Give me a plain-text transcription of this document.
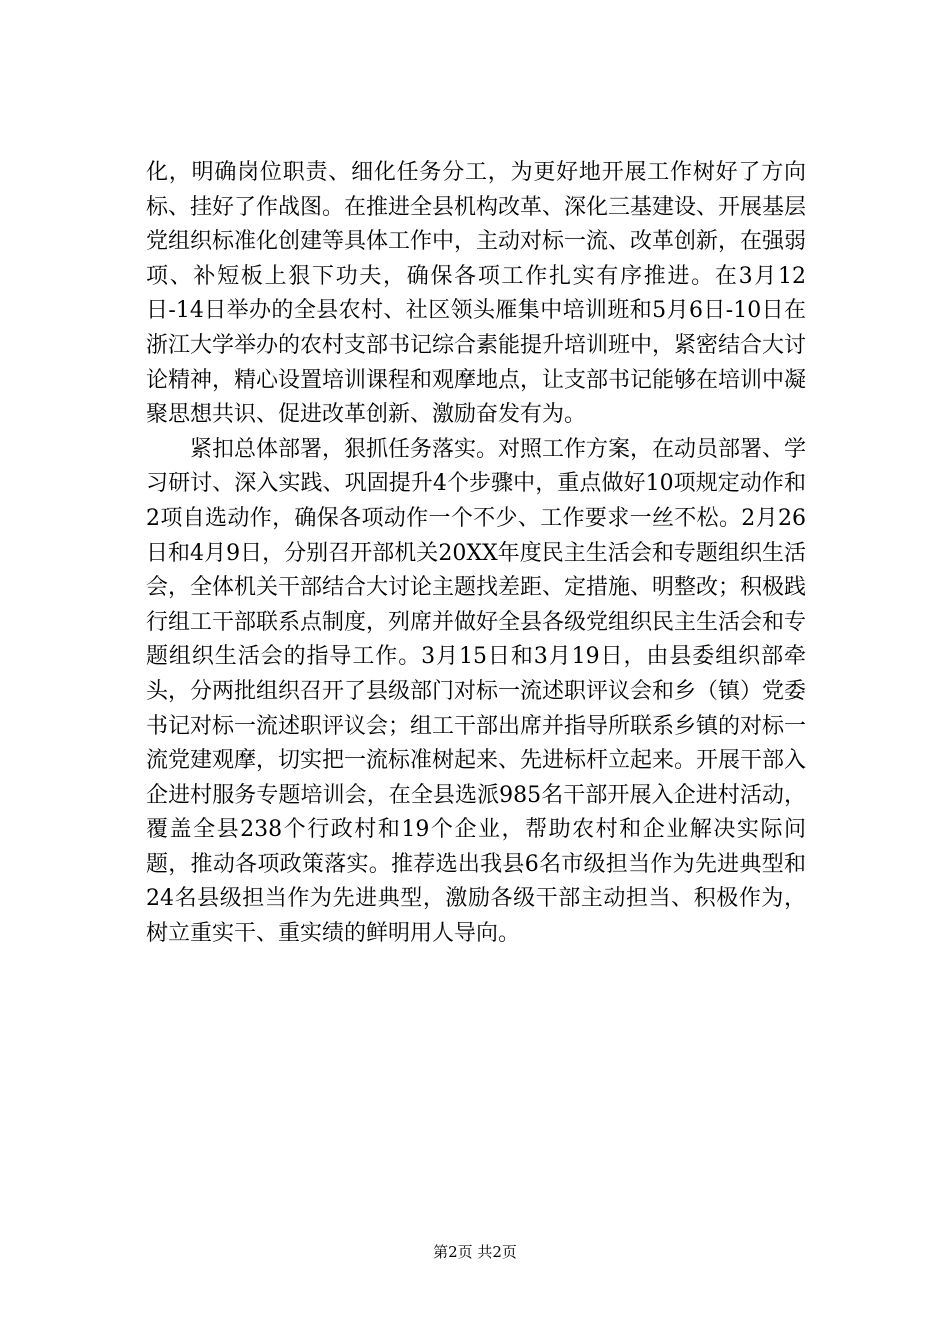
化，明确岗位职责、细化任务分工，为更好地开展工作树好了方向标、挂好了作战图。在推进全县机构改革、深化三基建设、开展基层党组织标准化创建等具体工作中，主动对标一流、改革创新，在强弱项、补短板上狠下功夫，确保各项工作扎实有序推进。在3月12日-14日举办的全县农村、社区领头雁集中培训班和5月6日-10日在浙江大学举办的农村支部书记综合素能提升培训班中，紧密结合大讨论精神，精心设置培训课程和观摩地点，让支部书记能够在培训中凝聚思想共识、促进改革创新、激励奋发有为。

紧扣总体部署，狠抓任务落实。对照工作方案，在动员部署、学习研讨、深入实践、巩固提升4个步骤中，重点做好10项规定动作和2项自选动作，确保各项动作一个不少、工作要求一丝不松。2月26日和4月9日，分别召开部机关20XX年度民主生活会和专题组织生活会，全体机关干部结合大讨论主题找差距、定措施、明整改；积极践行组工干部联系点制度，列席并做好全县各级党组织民主生活会和专题组织生活会的指导工作。3月15日和3月19日，由县委组织部牵头，分两批组织召开了县级部门对标一流述职评议会和乡（镇）党委书记对标一流述职评议会；组工干部出席并指导所联系乡镇的对标一流党建观摩，切实把一流标准树起来、先进标杆立起来。开展干部入企进村服务专题培训会，在全县选派985名干部开展入企进村活动，覆盖全县238个行政村和19个企业，帮助农村和企业解决实际问题，推动各项政策落实。推荐选出我县6名市级担当作为先进典型和24名县级担当作为先进典型，激励各级干部主动担当、积极作为，树立重实干、重实绩的鲜明用人导向。

第2页 共2页
